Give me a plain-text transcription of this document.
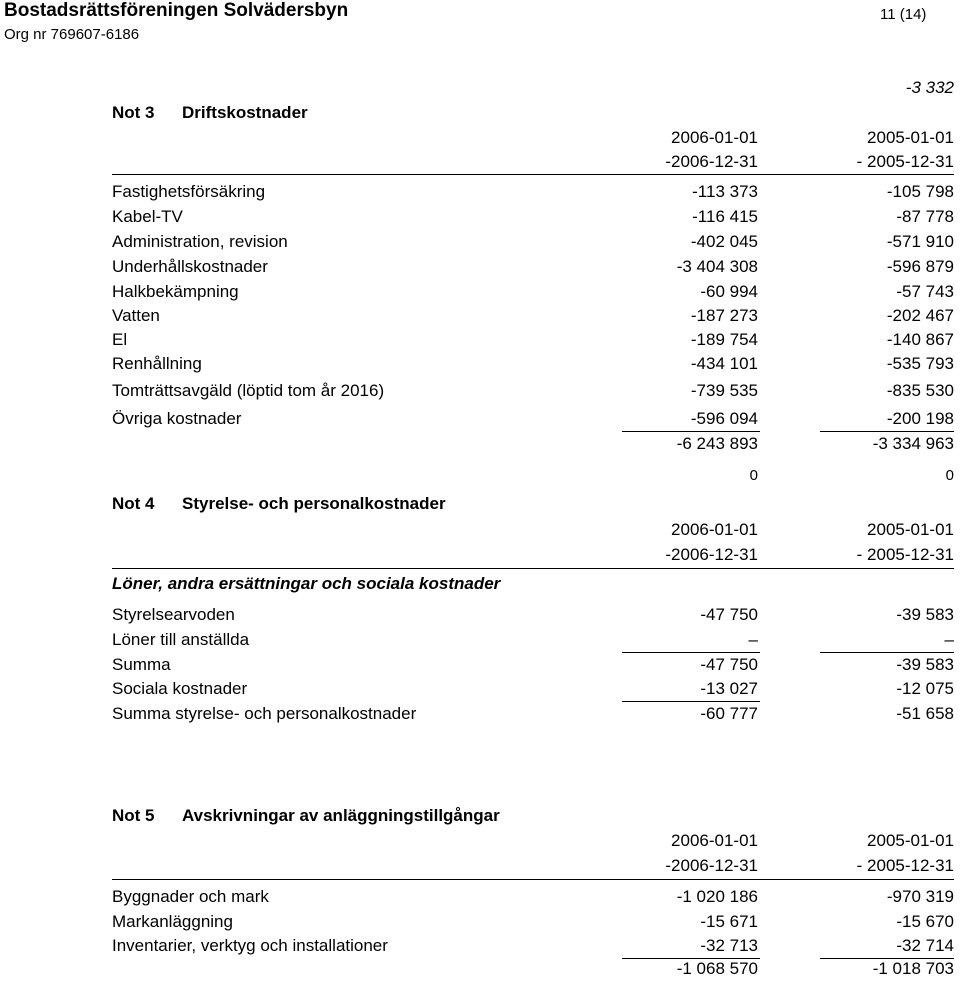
Bostadsrättsföreningen Solvädersbyn
Org nr 769607-6186
11 (14)
-3 332
Not 3 Driftskostnader
2006-01-01
-2006-12-31
2005-01-01
- 2005-12-31
Fastighetsförsäkring	-113 373	-105 798
Kabel-TV	-116 415	-87 778
Administration, revision	-402 045	-571 910
Underhållskostnader	-3 404 308	-596 879
Halkbekämpning	-60 994	-57 743
Vatten	-187 273	-202 467
El	-189 754	-140 867
Renhållning	-434 101	-535 793
Tomträttsavgäld (löptid tom år 2016)	-739 535	-835 530
Övriga kostnader	-596 094	-200 198
-6 243 893	-3 334 963
0	0
Not 4 Styrelse- och personalkostnader
2006-01-01
-2006-12-31
2005-01-01
- 2005-12-31
Löner, andra ersättningar och sociala kostnader
Styrelsearvoden	-47 750	-39 583
Löner till anställda	–	–
Summa	-47 750	-39 583
Sociala kostnader	-13 027	-12 075
Summa styrelse- och personalkostnader	-60 777	-51 658
Not 5 Avskrivningar av anläggningstillgångar
2006-01-01
-2006-12-31
2005-01-01
- 2005-12-31
Byggnader och mark	-1 020 186	-970 319
Markanläggning	-15 671	-15 670
Inventarier, verktyg och installationer	-32 713	-32 714
-1 068 570	-1 018 703
